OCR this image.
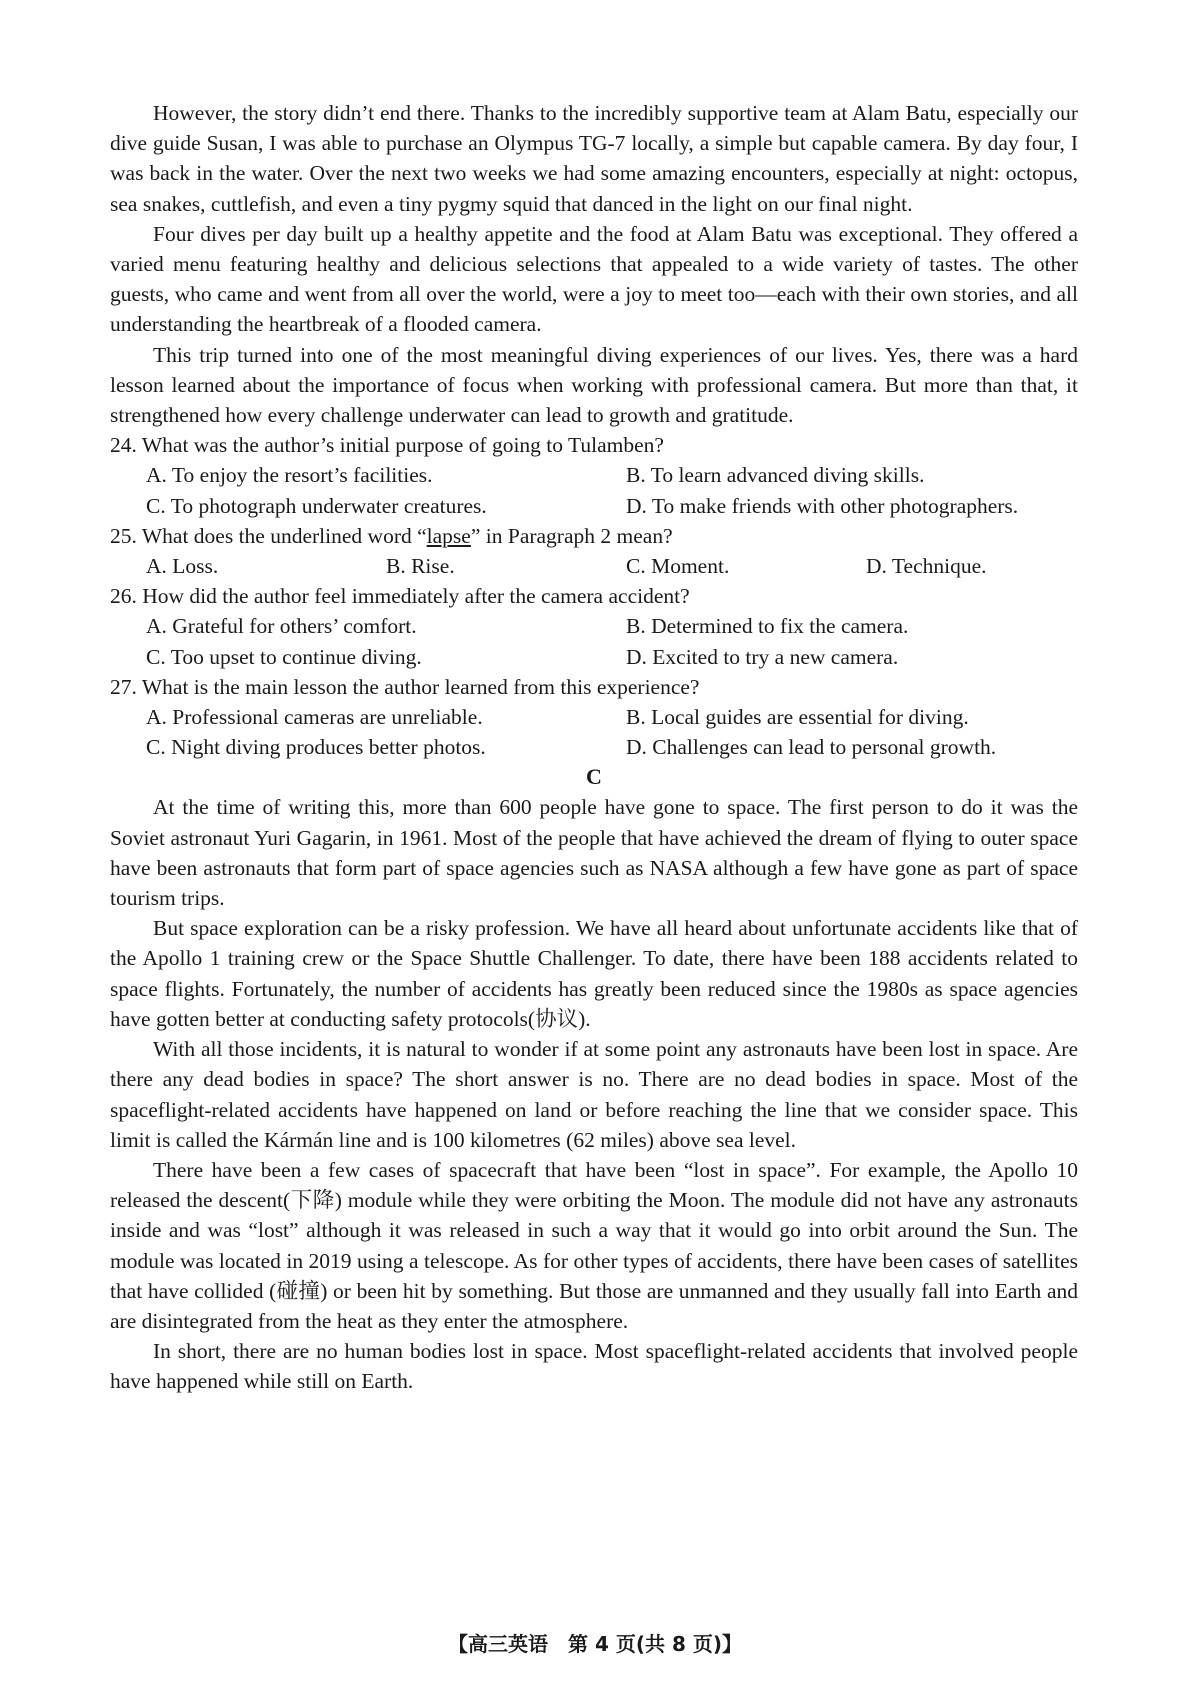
However, the story didn’t end there. Thanks to the incredibly supportive team at Alam Batu, especially our dive guide Susan, I was able to purchase an Olympus TG-7 locally, a simple but capable camera. By day four, I was back in the water. Over the next two weeks we had some amazing encounters, especially at night: octopus, sea snakes, cuttlefish, and even a tiny pygmy squid that danced in the light on our final night.

Four dives per day built up a healthy appetite and the food at Alam Batu was exceptional. They offered a varied menu featuring healthy and delicious selections that appealed to a wide variety of tastes. The other guests, who came and went from all over the world, were a joy to meet too—each with their own stories, and all understanding the heartbreak of a flooded camera.

This trip turned into one of the most meaningful diving experiences of our lives. Yes, there was a hard lesson learned about the importance of focus when working with professional camera. But more than that, it strengthened how every challenge underwater can lead to growth and gratitude.

24. What was the author’s initial purpose of going to Tulamben?

A. To enjoy the resort’s facilities.	B. To learn advanced diving skills.
C. To photograph underwater creatures.	D. To make friends with other photographers.

25. What does the underlined word “lapse” in Paragraph 2 mean?

A. Loss.	B. Rise.	C. Moment.	D. Technique.

26. How did the author feel immediately after the camera accident?

A. Grateful for others’ comfort.	B. Determined to fix the camera.
C. Too upset to continue diving.	D. Excited to try a new camera.

27. What is the main lesson the author learned from this experience?

A. Professional cameras are unreliable.	B. Local guides are essential for diving.
C. Night diving produces better photos.	D. Challenges can lead to personal growth.

C

At the time of writing this, more than 600 people have gone to space. The first person to do it was the Soviet astronaut Yuri Gagarin, in 1961. Most of the people that have achieved the dream of flying to outer space have been astronauts that form part of space agencies such as NASA although a few have gone as part of space tourism trips.

But space exploration can be a risky profession. We have all heard about unfortunate accidents like that of the Apollo 1 training crew or the Space Shuttle Challenger. To date, there have been 188 accidents related to space flights. Fortunately, the number of accidents has greatly been reduced since the 1980s as space agencies have gotten better at conducting safety protocols(协议).

With all those incidents, it is natural to wonder if at some point any astronauts have been lost in space. Are there any dead bodies in space? The short answer is no. There are no dead bodies in space. Most of the spaceflight-related accidents have happened on land or before reaching the line that we consider space. This limit is called the Kármán line and is 100 kilometres (62 miles) above sea level.

There have been a few cases of spacecraft that have been “lost in space”. For example, the Apollo 10 released the descent(下降) module while they were orbiting the Moon. The module did not have any astronauts inside and was “lost” although it was released in such a way that it would go into orbit around the Sun. The module was located in 2019 using a telescope. As for other types of accidents, there have been cases of satellites that have collided (碰撞) or been hit by something. But those are unmanned and they usually fall into Earth and are disintegrated from the heat as they enter the atmosphere.

In short, there are no human bodies lost in space. Most spaceflight-related accidents that involved people have happened while still on Earth.

【高三英语　第 4 页(共 8 页)】
